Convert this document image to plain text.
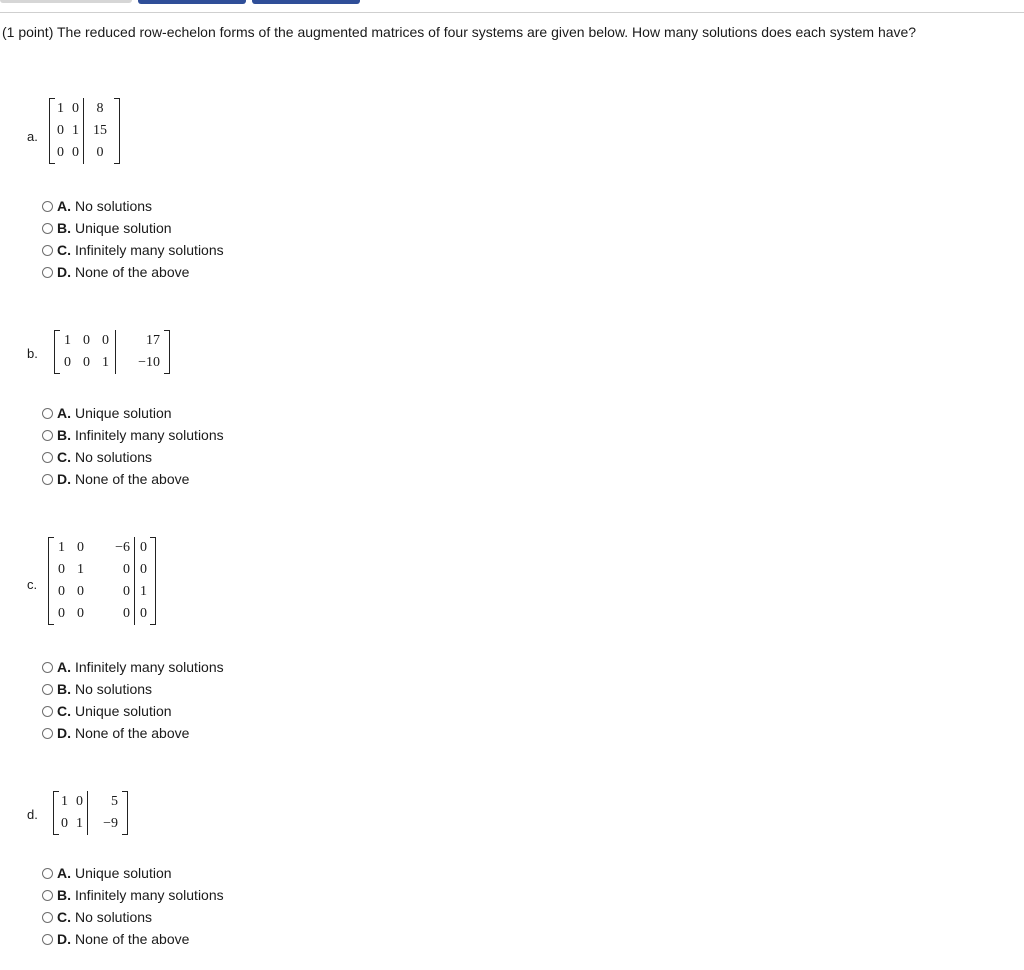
(1 point) The reduced row-echelon forms of the augmented matrices of four systems are given below. How many solutions does each system have?

a.
1	0	8
0	1	15
0	0	0
A. No solutions
B. Unique solution
C. Infinitely many solutions
D. None of the above
b.
1	0	0	17
0	0	1	−10
A. Unique solution
B. Infinitely many solutions
C. No solutions
D. None of the above
c.
1	0	−6	0
0	1	0	0
0	0	0	1
0	0	0	0
A. Infinitely many solutions
B. No solutions
C. Unique solution
D. None of the above
d.
1	0	5
0	1	−9
A. Unique solution
B. Infinitely many solutions
C. No solutions
D. None of the above
